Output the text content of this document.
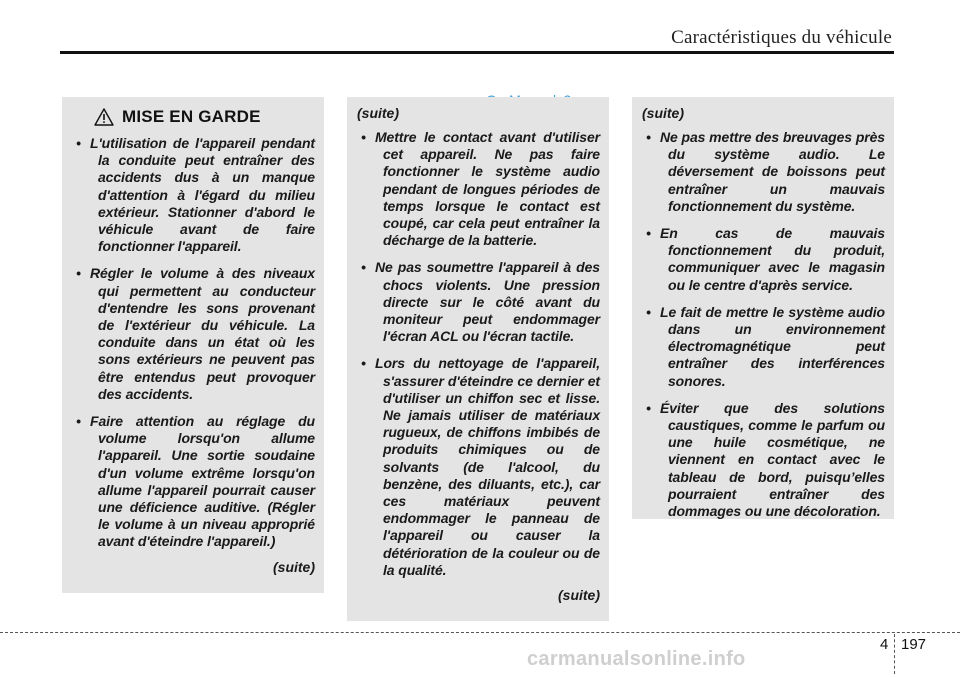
Caractéristiques du véhicule
MISE EN GARDE
• L'utilisation de l'appareil pendant la conduite peut entraîner des accidents dus à un manque d'attention à l'égard du milieu extérieur. Stationner d'abord le véhicule avant de faire fonctionner l'appareil.
• Régler le volume à des niveaux qui permettent au conducteur d'entendre les sons provenant de l'extérieur du véhicule. La conduite dans un état où les sons extérieurs ne peuvent pas être entendus peut provoquer des accidents.
• Faire attention au réglage du volume lorsqu'on allume l'appareil. Une sortie soudaine d'un volume extrême lorsqu'on allume l'appareil pourrait causer une déficience auditive. (Régler le volume à un niveau approprié avant d'éteindre l'appareil.)
(suite)
(suite)
• Mettre le contact avant d'utiliser cet appareil. Ne pas faire fonctionner le système audio pendant de longues périodes de temps lorsque le contact est coupé, car cela peut entraîner la décharge de la batterie.
• Ne pas soumettre l'appareil à des chocs violents. Une pression directe sur le côté avant du moniteur peut endommager l'écran ACL ou l'écran tactile.
• Lors du nettoyage de l'appareil, s'assurer d'éteindre ce dernier et d'utiliser un chiffon sec et lisse. Ne jamais utiliser de matériaux rugueux, de chiffons imbibés de produits chimiques ou de solvants (de l'alcool, du benzène, des diluants, etc.), car ces matériaux peuvent endommager le panneau de l'appareil ou causer la détérioration de la couleur ou de la qualité.
(suite)
(suite)
• Ne pas mettre des breuvages près du système audio. Le déversement de boissons peut entraîner un mauvais fonctionnement du système.
• En cas de mauvais fonctionnement du produit, communiquer avec le magasin ou le centre d'après service.
• Le fait de mettre le système audio dans un environnement électromagnétique peut entraîner des interférences sonores.
• Éviter que des solutions caustiques, comme le parfum ou une huile cosmétique, ne viennent en contact avec le tableau de bord, puisqu’elles pourraient entraîner des dommages ou une décoloration.
4 197
carmanualsonline.info
